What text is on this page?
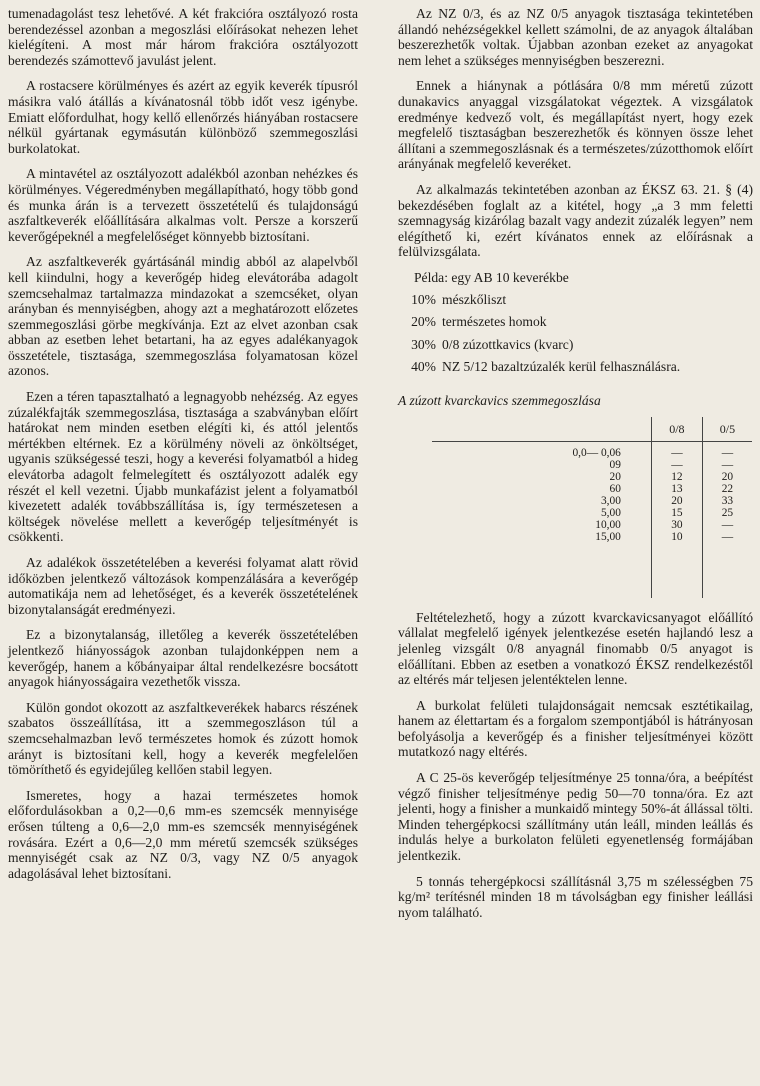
tumenadagolást tesz lehetővé. A két frakcióra osztályozó rosta berendezéssel azonban a megoszlási előírásokat nehezen lehet kielégíteni. A most már három frakcióra osztályozott berendezés számottevő javulást jelent.

A rostacsere körülményes és azért az egyik keverék típusról másikra való átállás a kívánatosnál több időt vesz igénybe. Emiatt előfordulhat, hogy kellő ellenőrzés hiányában rostacsere nélkül gyártanak egymásután különböző szemmegoszlási burkolatokat.

A mintavétel az osztályozott adalékból azonban nehézkes és körülményes. Végeredményben megállapítható, hogy több gond és munka árán is a tervezett összetételű és tulajdonságú aszfaltkeverék előállítására alkalmas volt. Persze a korszerű keverőgépeknél a megfelelőséget könnyebb biztosítani.

Az aszfaltkeverék gyártásánál mindig abból az alapelvből kell kiindulni, hogy a keverőgép hideg elevátorába adagolt szemcsehalmaz tartalmazza mindazokat a szemcséket, olyan arányban és mennyiségben, ahogy azt a meghatározott előzetes szemmegoszlási görbe megkívánja. Ezt az elvet azonban csak abban az esetben lehet betartani, ha az egyes adalékanyagok összetétele, tisztasága, szemmegoszlása folyamatosan közel azonos.

Ezen a téren tapasztalható a legnagyobb nehézség. Az egyes zúzalékfajták szemmegoszlása, tisztasága a szabványban előírt határokat nem minden esetben elégíti ki, és attól jelentős mértékben eltérnek. Ez a körülmény növeli az önköltséget, ugyanis szükségessé teszi, hogy a keverési folyamatból a hideg elevátorba adagolt felmelegített és osztályozott adalék egy részét el kell vezetni. Újabb munkafázist jelent a folyamatból kivezetett adalék továbbszállítása is, így természetesen a költségek növelése mellett a keverőgép teljesítményét is csökkenti.

Az adalékok összetételében a keverési folyamat alatt rövid időközben jelentkező változások kompenzálására a keverőgép automatikája nem ad lehetőséget, és a keverék összetételének bizonytalanságát eredményezi.

Ez a bizonytalanság, illetőleg a keverék összetételében jelentkező hiányosságok azonban tulajdonképpen nem a keverőgép, hanem a kőbányaipar által rendelkezésre bocsátott anyagok hiányosságaira vezethetők vissza.

Külön gondot okozott az aszfaltkeverékek habarcs részének szabatos összeállítása, itt a szemmegoszláson túl a szemcsehalmazban levő természetes homok és zúzott homok arányt is biztosítani kell, hogy a keverék megfelelően tömöríthető és egyidejűleg kellően stabil legyen.

Ismeretes, hogy a hazai természetes homok előfordulásokban a 0,2—0,6 mm-es szemcsék mennyisége erősen túlteng a 0,6—2,0 mm-es szemcsék mennyiségének rovására. Ezért a 0,6—2,0 mm méretű szemcsék szükséges mennyiségét csak az NZ 0/3, vagy NZ 0/5 anyagok adagolásával lehet biztosítani.

Az NZ 0/3, és az NZ 0/5 anyagok tisztasága tekintetében állandó nehézségekkel kellett számolni, de az anyagok általában beszerezhetők voltak. Újabban azonban ezeket az anyagokat nem lehet a szükséges mennyiségben beszerezni.

Ennek a hiánynak a pótlására 0/8 mm méretű zúzott dunakavics anyaggal vizsgálatokat végeztek. A vizsgálatok eredménye kedvező volt, és megállapítást nyert, hogy ezek megfelelő tisztaságban beszerezhetők és könnyen össze lehet állítani a szemmegoszlásnak és a természetes/zúzotthomok előírt arányának megfelelő keveréket.

Az alkalmazás tekintetében azonban az ÉKSZ 63. 21. § (4) bekezdésében foglalt az a kitétel, hogy „a 3 mm feletti szemnagyság kizárólag bazalt vagy andezit zúzalék legyen” nem elégíthető ki, ezért kívánatos ennek az előírásnak a felülvizsgálata.

Példa: egy AB 10 keverékbe

10% mészkőliszt
20% természetes homok
30% 0/8 zúzottkavics (kvarc)
40% NZ 5/12 bazaltzúzalék kerül felhasználásra.

A zúzott kvarckavics szemmegoszlása

	0/8	0/5

0,0— 0,06	—	—
09	—	—
20	12	20
60	13	22
3,00	20	33
5,00	15	25
10,00	30	—
15,00	10	—

Feltételezhető, hogy a zúzott kvarckavicsanyagot előállító vállalat megfelelő igények jelentkezése esetén hajlandó lesz a jelenleg vizsgált 0/8 anyagnál finomabb 0/5 anyagot is előállítani. Ebben az esetben a vonatkozó ÉKSZ rendelkezéstől az eltérés már teljesen jelentéktelen lenne.

A burkolat felületi tulajdonságait nemcsak esztétikailag, hanem az élettartam és a forgalom szempontjából is hátrányosan befolyásolja a keverőgép és a finisher teljesítményei között mutatkozó nagy eltérés.

A C 25-ös keverőgép teljesítménye 25 tonna/óra, a beépítést végző finisher teljesítménye pedig 50—70 tonna/óra. Ez azt jelenti, hogy a finisher a munkaidő mintegy 50%-át állással tölti. Minden tehergépkocsi szállítmány után leáll, minden leállás és indulás helye a burkolaton felületi egyenetlenség formájában jelentkezik.

5 tonnás tehergépkocsi szállításnál 3,75 m szélességben 75 kg/m² terítésnél minden 18 m távolságban egy finisher leállási nyom található.
